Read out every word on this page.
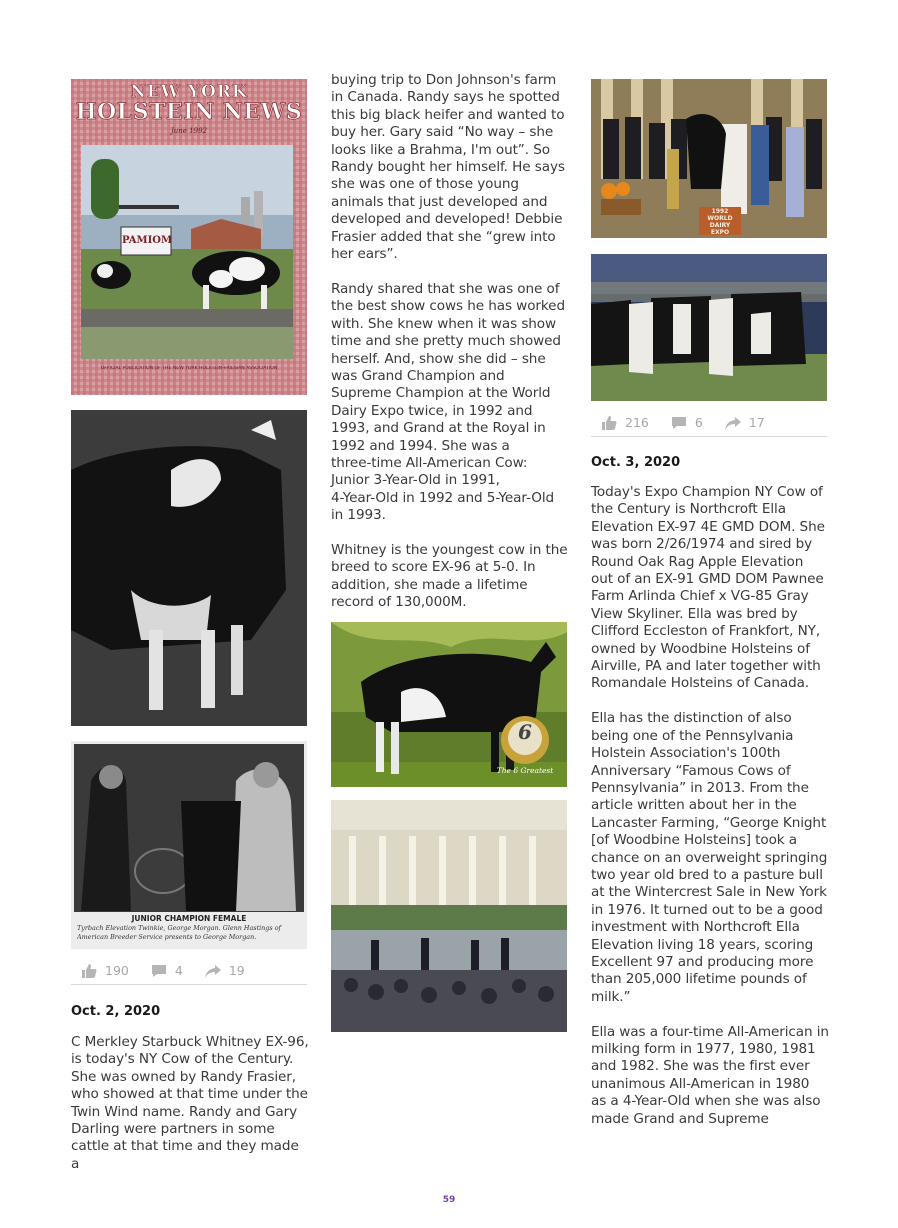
NEW YORK
HOLSTEIN NEWS
June 1992
PAMIOM
OFFICIAL PUBLICATION OF THE NEW YORK HOLSTEIN-FRIESIAN ASSOCIATION
JUNIOR CHAMPION FEMALE
Tyrbach Elevation Twinkie, George Morgan. Glenn Hastings of
American Breeder Service presents to George Morgan.
190	4	19
Oct. 2, 2020
C Merkley Starbuck Whitney EX-96,
is today's NY Cow of the Century.
She was owned by Randy Frasier,
who showed at that time under the
Twin Wind name. Randy and Gary
Darling were partners in some
cattle at that time and they made a
buying trip to Don Johnson's farm
in Canada. Randy says he spotted
this big black heifer and wanted to
buy her. Gary said “No way – she
looks like a Brahma, I'm out”. So
Randy bought her himself. He says
she was one of those young
animals that just developed and
developed and developed! Debbie
Frasier added that she “grew into
her ears”.

Randy shared that she was one of
the best show cows he has worked
with. She knew when it was show
time and she pretty much showed
herself. And, show she did – she
was Grand Champion and
Supreme Champion at the World
Dairy Expo twice, in 1992 and
1993, and Grand at the Royal in
1992 and 1994. She was a
three-time All-American Cow:
Junior 3-Year-Old in 1991,
4-Year-Old in 1992 and 5-Year-Old
in 1993.

Whitney is the youngest cow in the
breed to score EX-96 at 5-0. In
addition, she made a lifetime
record of 130,000M.
6
The 6 Greatest
1992 WORLD DAIRY EXPO
216	6	17
Oct. 3, 2020
Today's Expo Champion NY Cow of
the Century is Northcroft Ella
Elevation EX-97 4E GMD DOM. She
was born 2/26/1974 and sired by
Round Oak Rag Apple Elevation
out of an EX-91 GMD DOM Pawnee
Farm Arlinda Chief x VG-85 Gray
View Skyliner. Ella was bred by
Clifford Eccleston of Frankfort, NY,
owned by Woodbine Holsteins of
Airville, PA and later together with
Romandale Holsteins of Canada.

Ella has the distinction of also
being one of the Pennsylvania
Holstein Association's 100th
Anniversary “Famous Cows of
Pennsylvania” in 2013. From the
article written about her in the
Lancaster Farming, “George Knight
[of Woodbine Holsteins] took a
chance on an overweight springing
two year old bred to a pasture bull
at the Wintercrest Sale in New York
in 1976. It turned out to be a good
investment with Northcroft Ella
Elevation living 18 years, scoring
Excellent 97 and producing more
than 205,000 lifetime pounds of
milk.”

Ella was a four-time All-American in
milking form in 1977, 1980, 1981
and 1982. She was the first ever
unanimous All-American in 1980
as a 4-Year-Old when she was also
made Grand and Supreme
59
